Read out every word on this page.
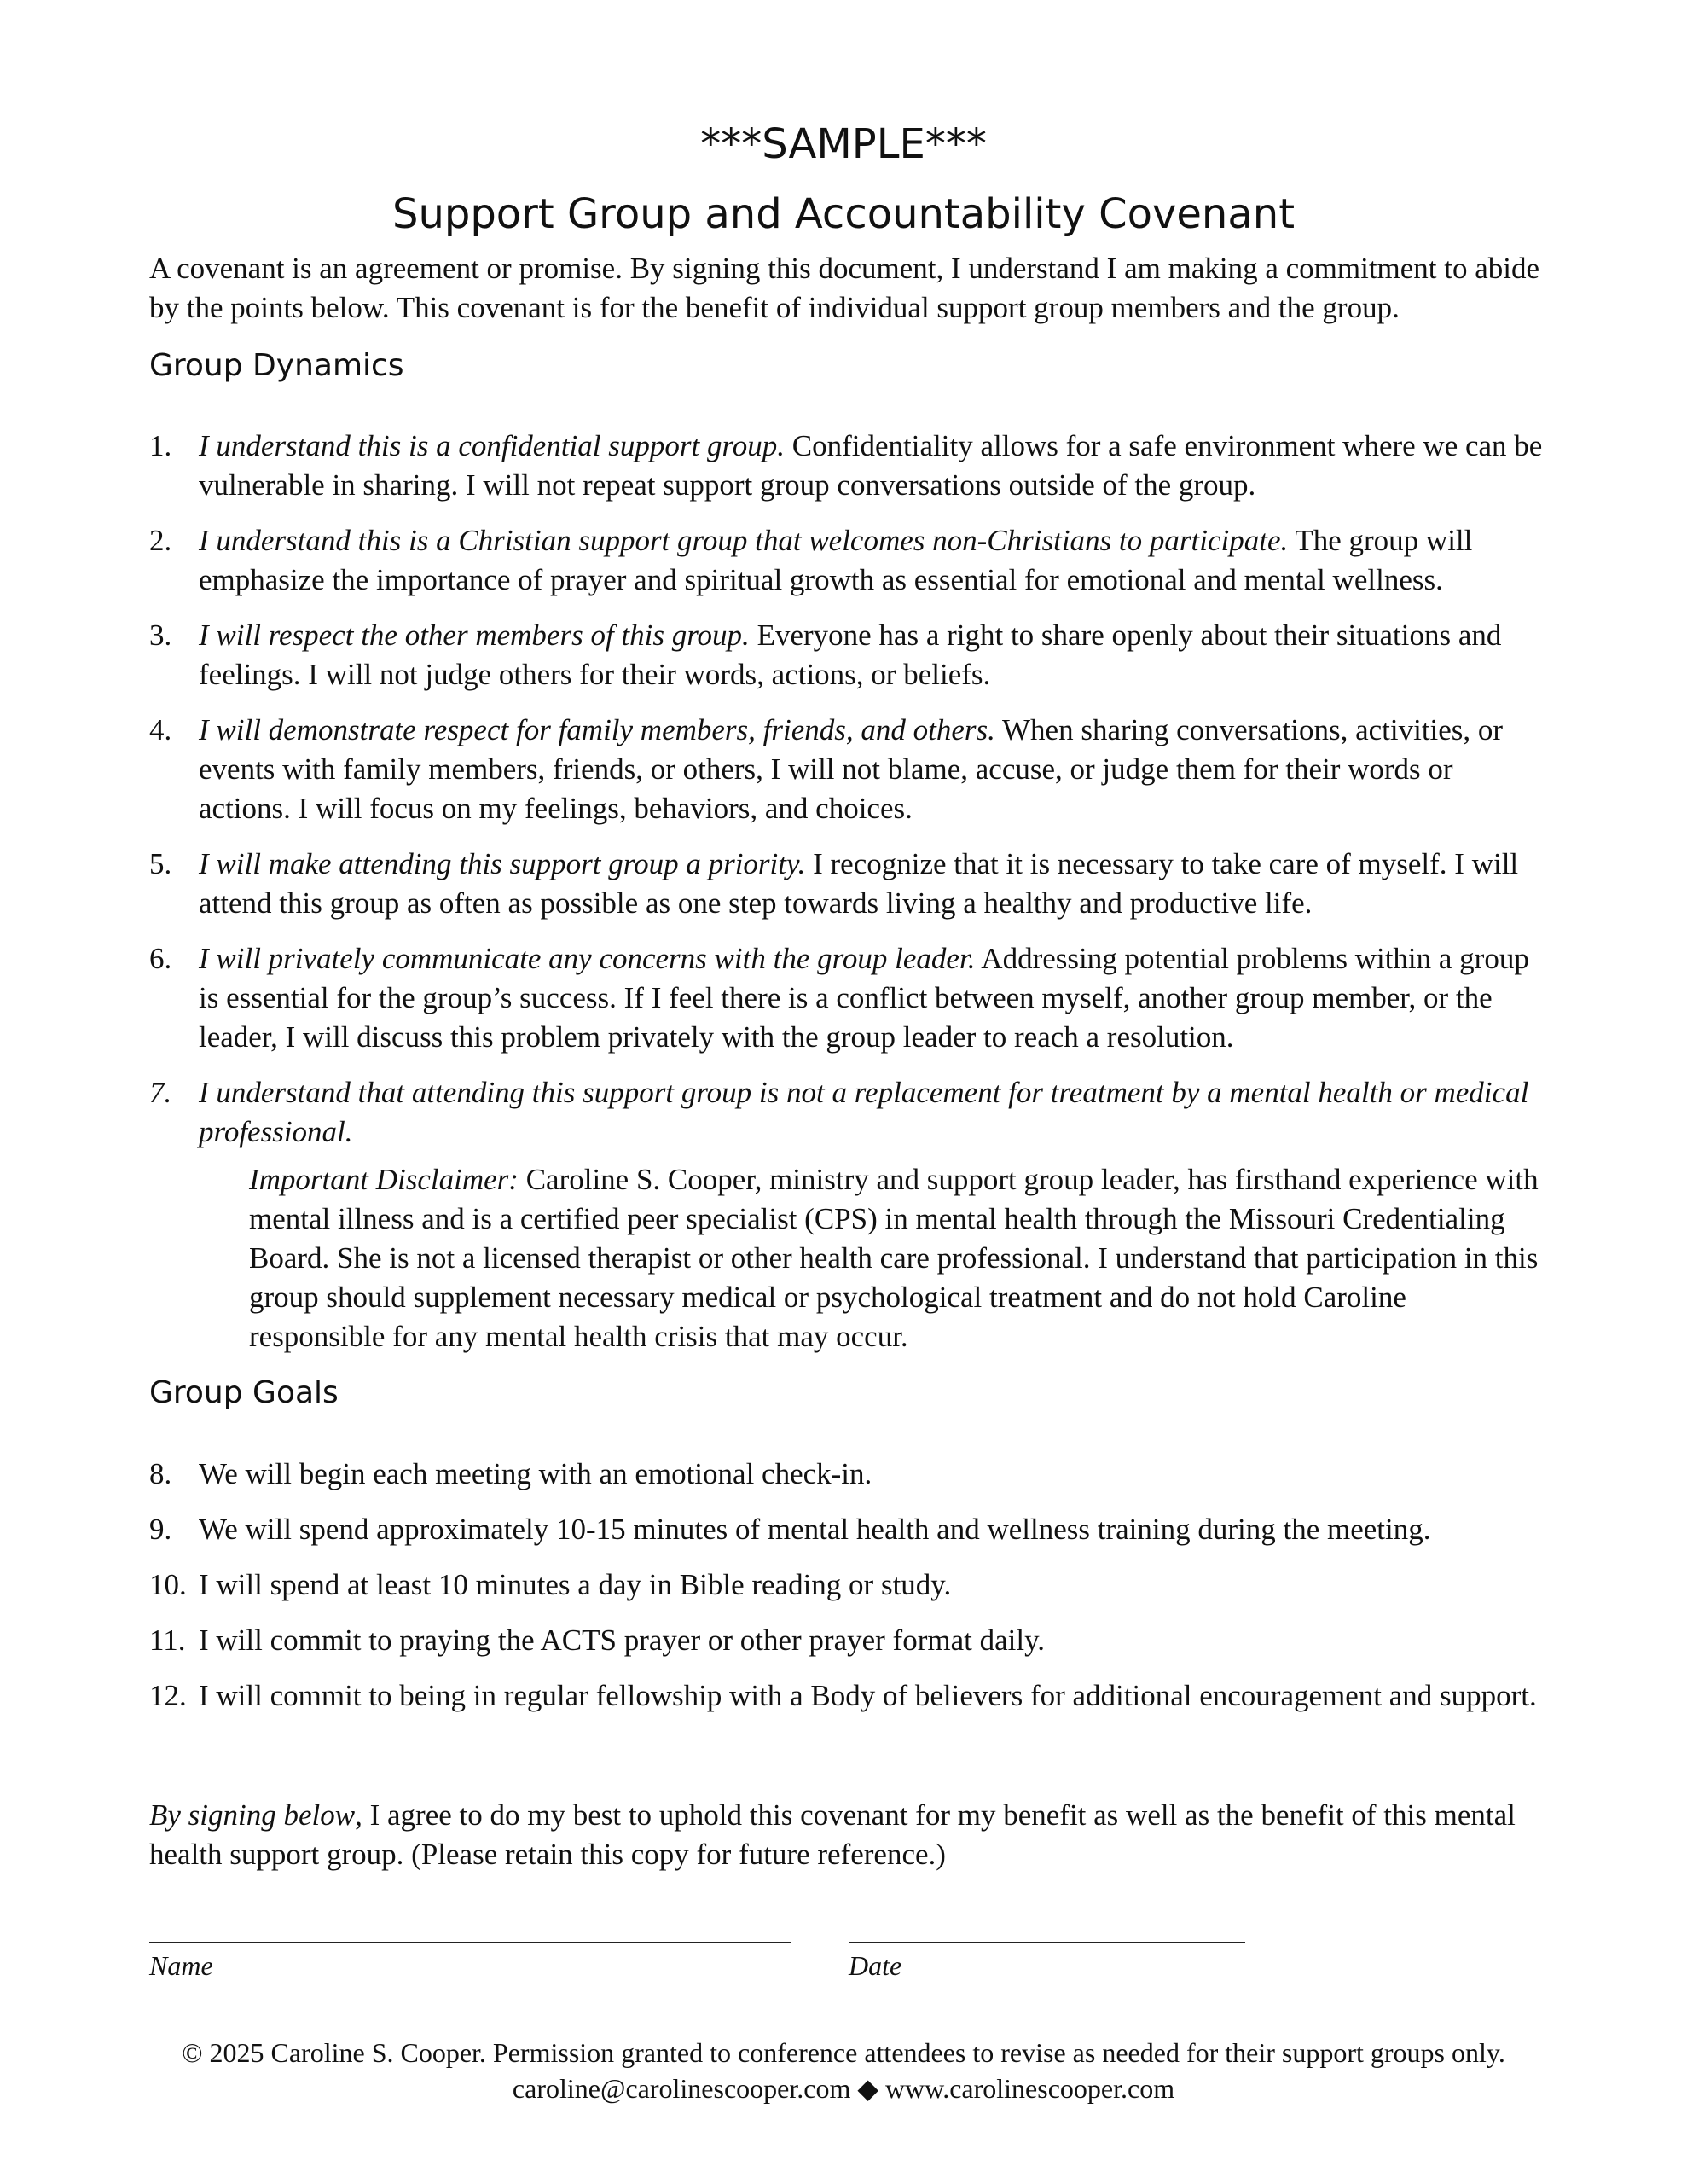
***SAMPLE***
Support Group and Accountability Covenant
A covenant is an agreement or promise. By signing this document, I understand I am making a commitment to abide by the points below. This covenant is for the benefit of individual support group members and the group.
Group Dynamics
1. I understand this is a confidential support group. Confidentiality allows for a safe environment where we can be vulnerable in sharing. I will not repeat support group conversations outside of the group.
2. I understand this is a Christian support group that welcomes non-Christians to participate. The group will emphasize the importance of prayer and spiritual growth as essential for emotional and mental wellness.
3. I will respect the other members of this group. Everyone has a right to share openly about their situations and feelings. I will not judge others for their words, actions, or beliefs.
4. I will demonstrate respect for family members, friends, and others. When sharing conversations, activities, or events with family members, friends, or others, I will not blame, accuse, or judge them for their words or actions. I will focus on my feelings, behaviors, and choices.
5. I will make attending this support group a priority. I recognize that it is necessary to take care of myself. I will attend this group as often as possible as one step towards living a healthy and productive life.
6. I will privately communicate any concerns with the group leader. Addressing potential problems within a group is essential for the group’s success. If I feel there is a conflict between myself, another group member, or the leader, I will discuss this problem privately with the group leader to reach a resolution.
7. I understand that attending this support group is not a replacement for treatment by a mental health or medical professional.
Important Disclaimer: Caroline S. Cooper, ministry and support group leader, has firsthand experience with mental illness and is a certified peer specialist (CPS) in mental health through the Missouri Credentialing Board. She is not a licensed therapist or other health care professional. I understand that participation in this group should supplement necessary medical or psychological treatment and do not hold Caroline responsible for any mental health crisis that may occur.
Group Goals
8. We will begin each meeting with an emotional check-in.
9. We will spend approximately 10-15 minutes of mental health and wellness training during the meeting.
10. I will spend at least 10 minutes a day in Bible reading or study.
11. I will commit to praying the ACTS prayer or other prayer format daily.
12. I will commit to being in regular fellowship with a Body of believers for additional encouragement and support.
By signing below, I agree to do my best to uphold this covenant for my benefit as well as the benefit of this mental health support group. (Please retain this copy for future reference.)
Name	Date
© 2025 Caroline S. Cooper. Permission granted to conference attendees to revise as needed for their support groups only.
caroline@carolinescooper.com ◆ www.carolinescooper.com
